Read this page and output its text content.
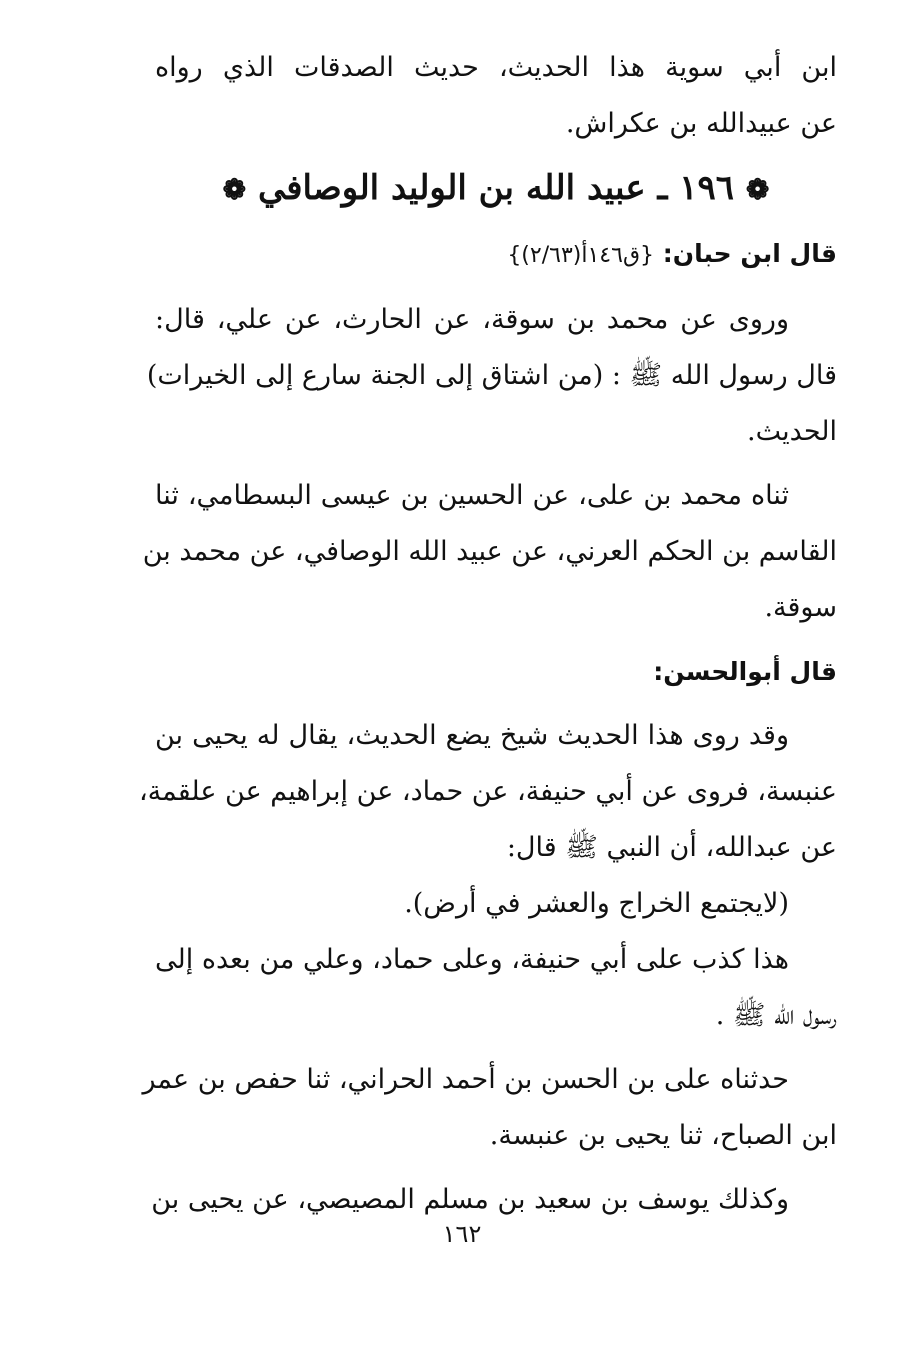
ابن أبي سوية هذا الحديث، حديث الصدقات الذي رواه
عن عبيدالله بن عكراش.
❁ ١٩٦ ـ عبيد الله بن الوليد الوصافي ❁
قال ابن حبان: {ق١٤٦أ(٢/٦٣)}
وروى عن محمد بن سوقة، عن الحارث، عن علي، قال:
قال رسول الله ﷺ : (من اشتاق إلى الجنة سارع إلى الخيرات)
الحديث.
ثناه محمد بن على، عن الحسين بن عيسى البسطامي، ثنا
القاسم بن الحكم العرني، عن عبيد الله الوصافي، عن محمد بن
سوقة.
قال أبوالحسن:
وقد روى هذا الحديث شيخ يضع الحديث، يقال له يحيى بن
عنبسة، فروى عن أبي حنيفة، عن حماد، عن إبراهيم عن علقمة،
عن عبدالله، أن النبي ﷺ قال:
(لايجتمع الخراج والعشر في أرض).
هذا كذب على أبي حنيفة، وعلى حماد، وعلي من بعده إلى
رسول الله ﷺ .
حدثناه على بن الحسن بن أحمد الحراني، ثنا حفص بن عمر
ابن الصباح، ثنا يحيى بن عنبسة.
وكذلك يوسف بن سعيد بن مسلم المصيصي، عن يحيى بن
١٦٢
